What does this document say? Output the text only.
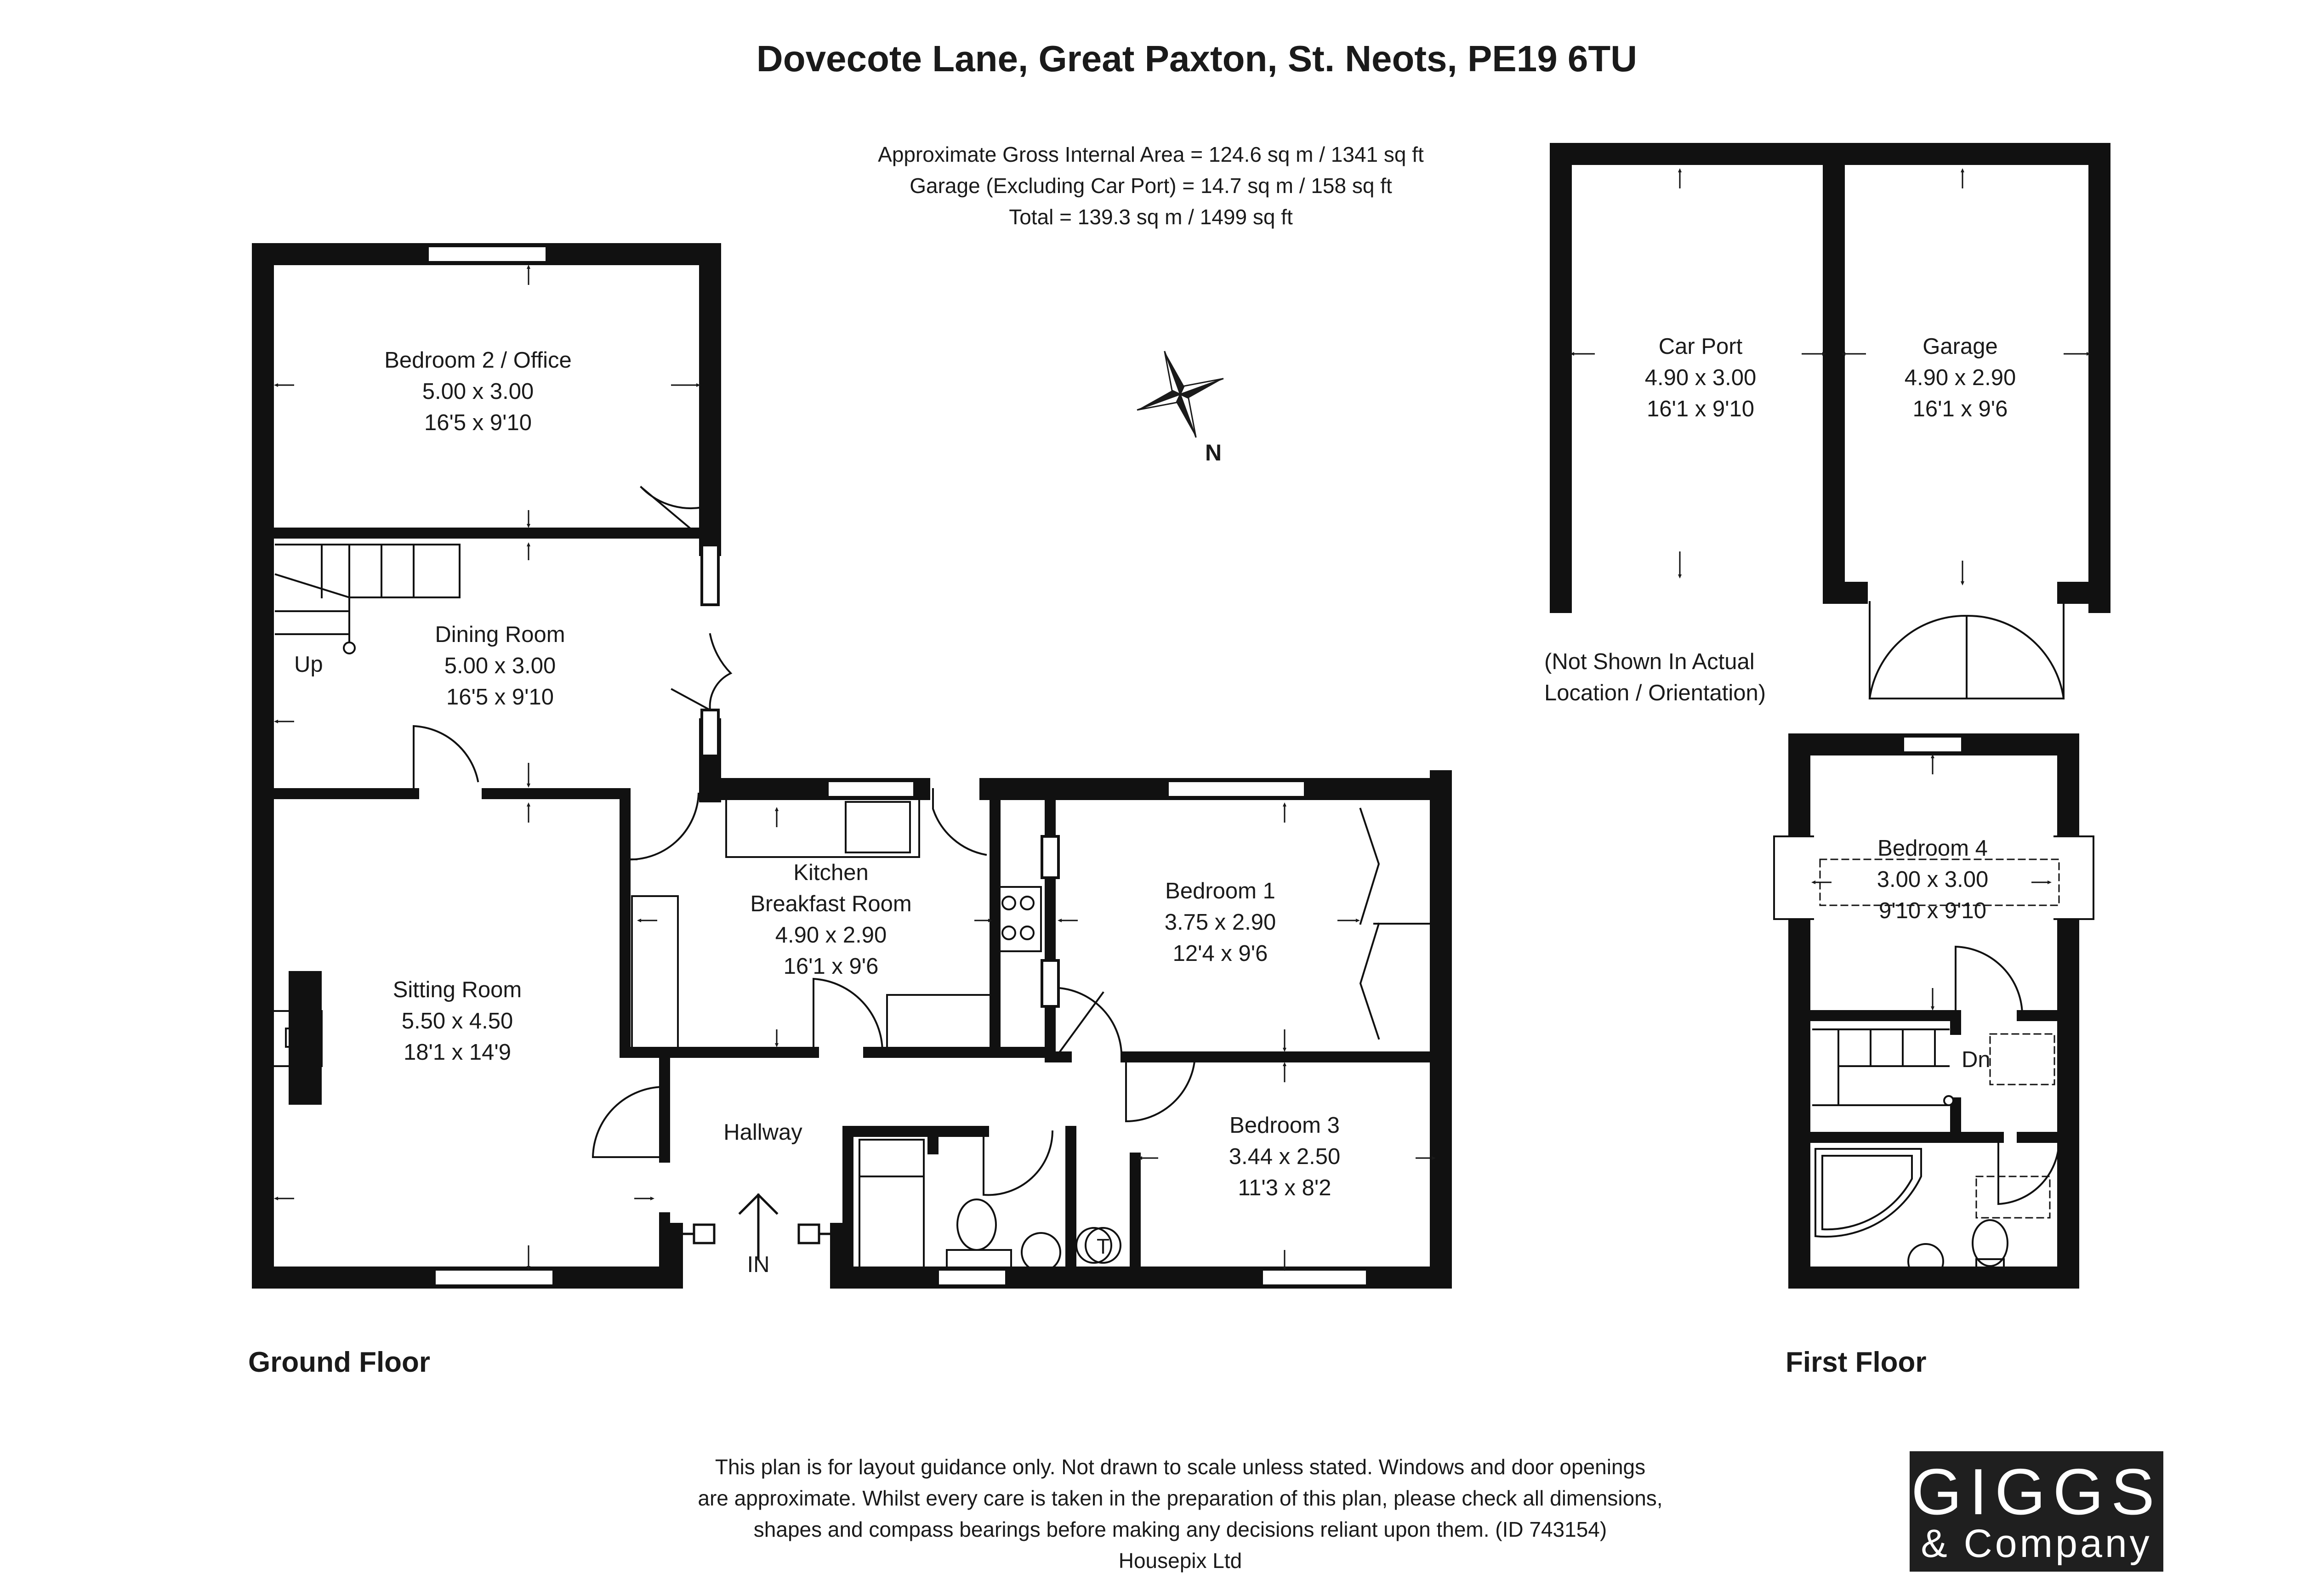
Dovecote Lane, Great Paxton, St. Neots, PE19 6TU
Approximate Gross Internal Area = 124.6 sq m / 1341 sq ft
Garage (Excluding Car Port) = 14.7 sq m / 158 sq ft
Total = 139.3 sq m / 1499 sq ft
N
Bedroom 2 / Office
5.00 x 3.00
16'5 x 9'10
Dining Room
5.00 x 3.00
16'5 x 9'10
Up
Sitting Room
5.50 x 4.50
18'1 x 14'9
Kitchen
Breakfast Room
4.90 x 2.90
16'1 x 9'6
Bedroom 1
3.75 x 2.90
12'4 x 9'6
Hallway	Bedroom 3
3.44 x 2.50
11'3 x 8'2
IN
T
Car Port
4.90 x 3.00
16'1 x 9'10
Garage
4.90 x 2.90
16'1 x 9'6
(Not Shown In Actual
Location / Orientation)
Bedroom 4
3.00 x 3.00
9'10 x 9'10
Dn
Ground Floor	First Floor
This plan is for layout guidance only. Not drawn to scale unless stated. Windows and door openings
are approximate. Whilst every care is taken in the preparation of this plan, please check all dimensions,
shapes and compass bearings before making any decisions reliant upon them. (ID 743154)
Housepix Ltd
GIGGS
& Company
